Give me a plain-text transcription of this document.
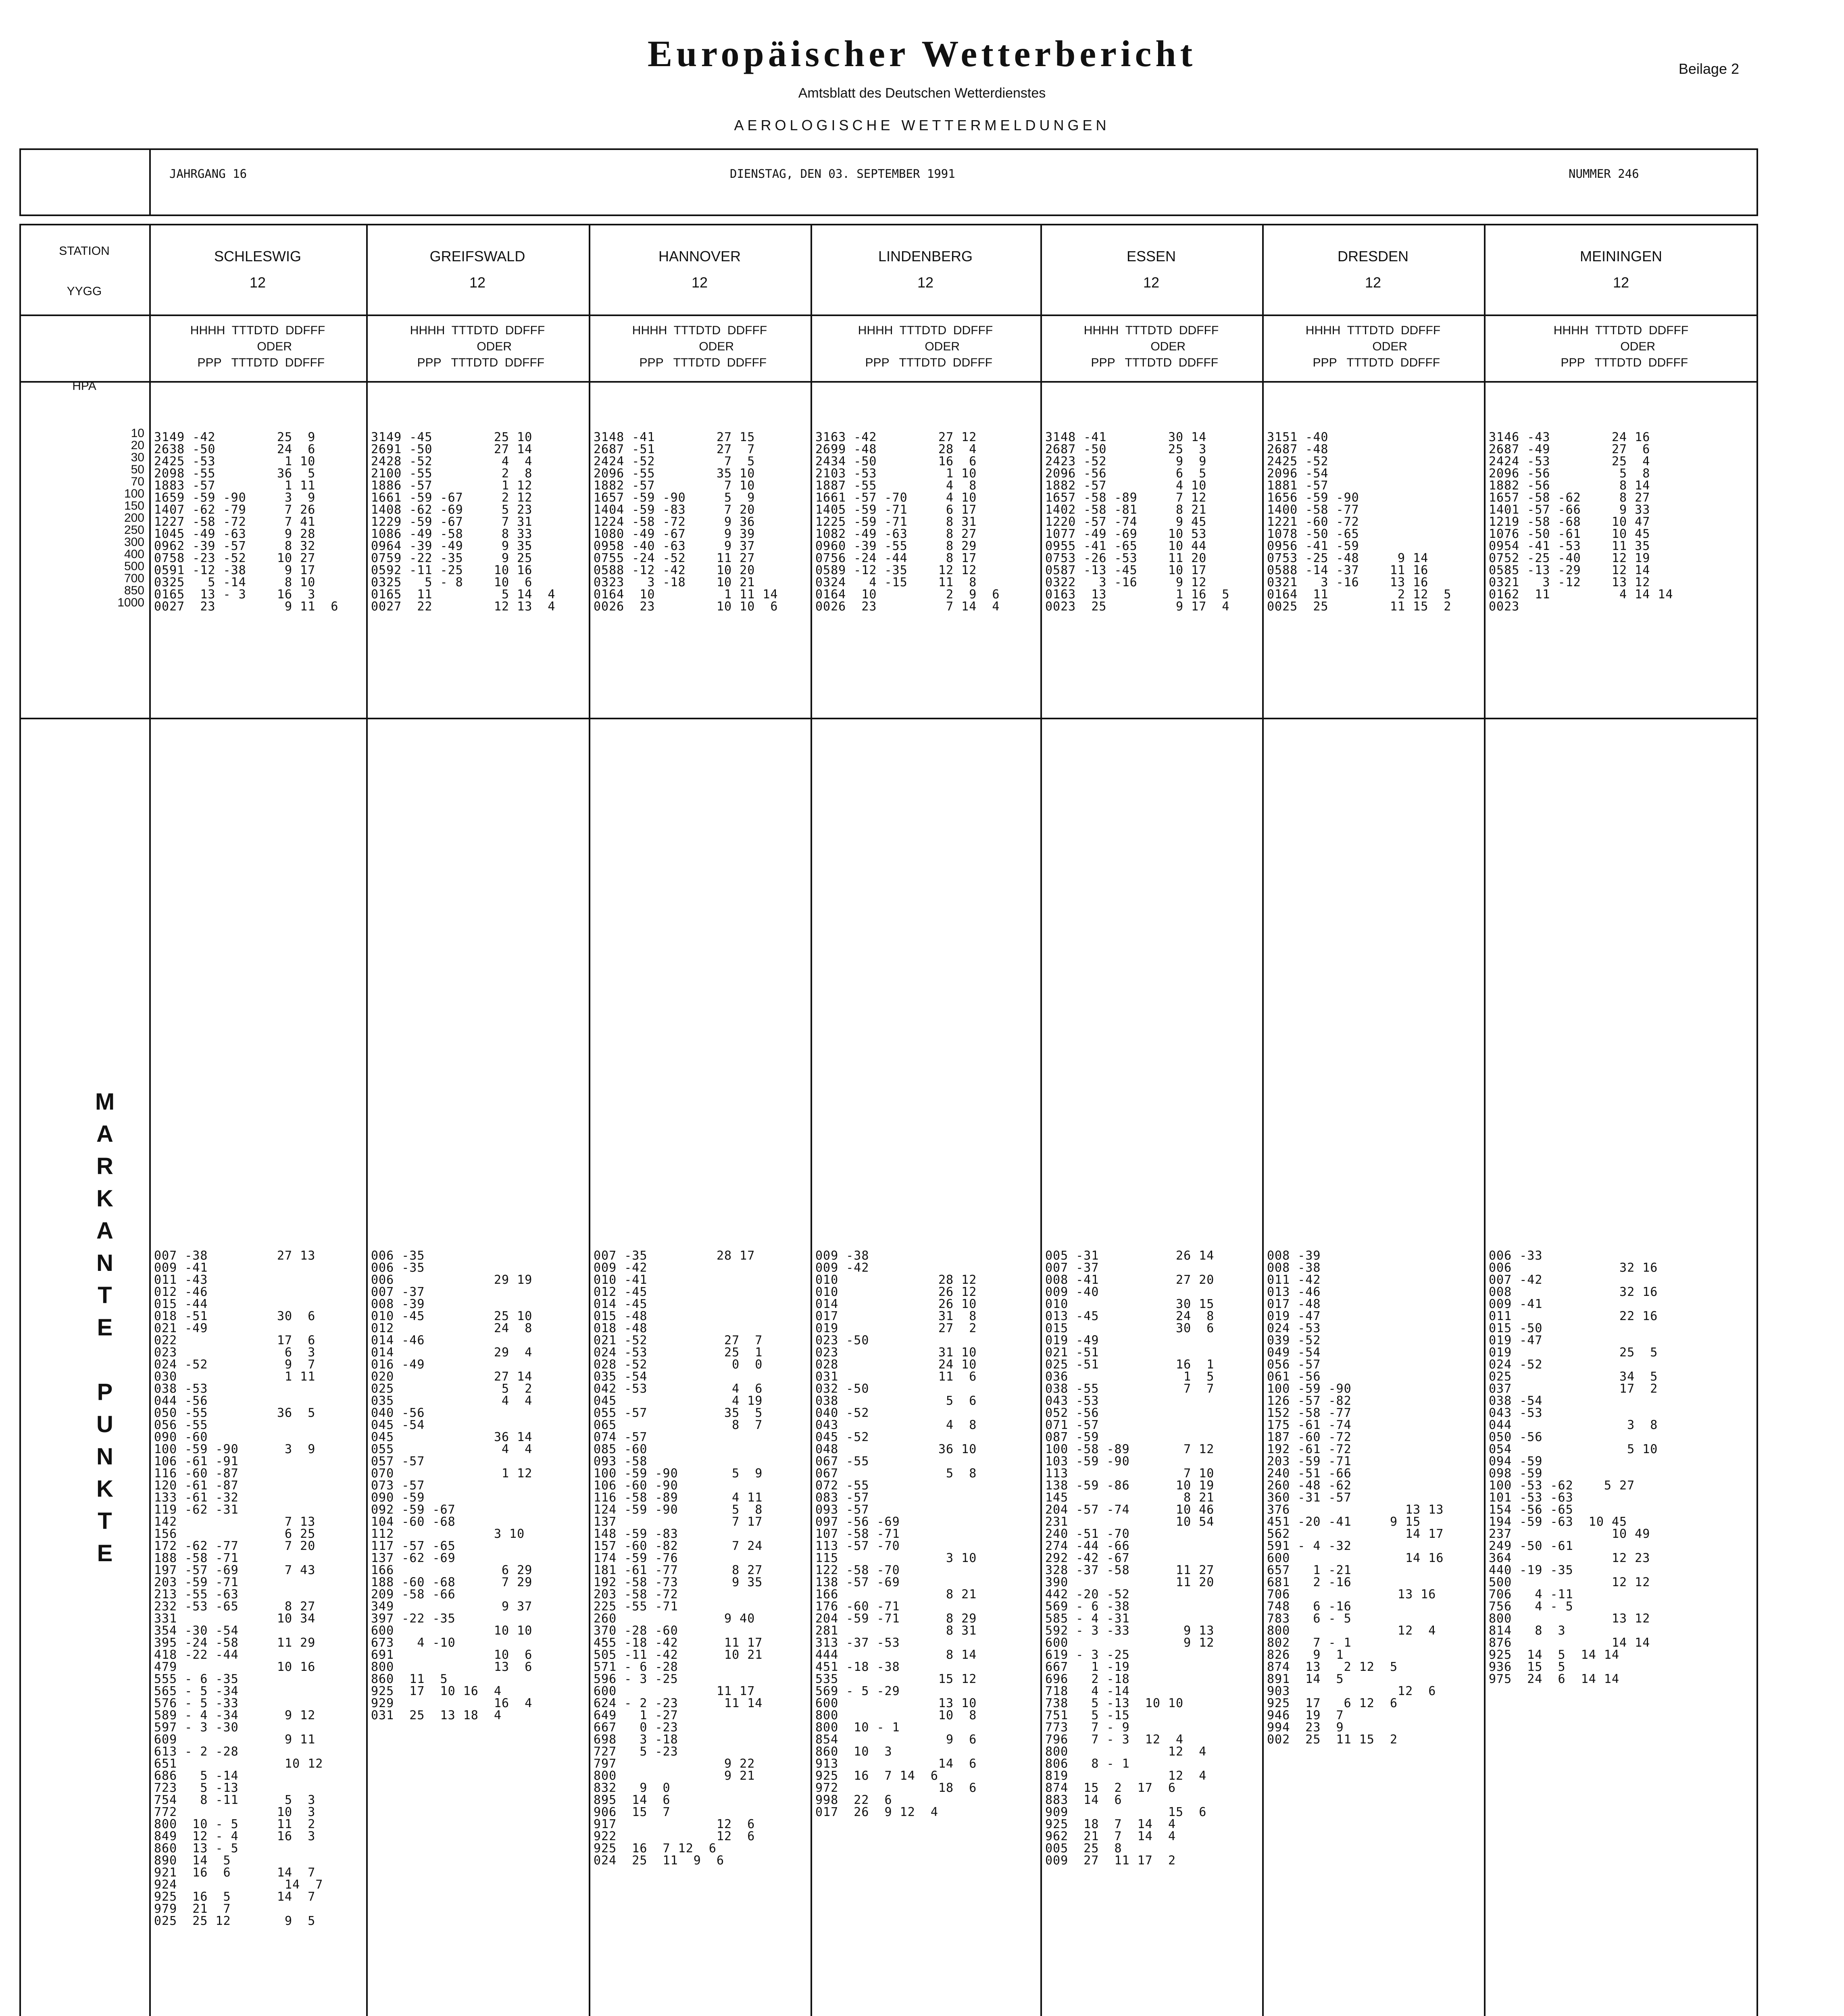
Europäischer Wetterbericht
Amtsblatt des Deutschen Wetterdienstes
AEROLOGISCHE WETTERMELDUNGEN
Beilage 2
JAHRGANG 16	DIENSTAG, DEN 03. SEPTEMBER 1991	NUMMER 246
STATION
YYGG
HPA
10
20
30
50
70
100
150
200
250
300
400
500
700
850
1000
M
A
R
K
A
N
T
E
P
U
N
K
T
E
SCHLESWIG
12
HHHH  TTTDTD  DDFFF
ODER
PPP   TTTDTD  DDFFF
3149 -42        25  9
2638 -50        24  6
2425 -53         1 10
2098 -55        36  5
1883 -57         1 11
1659 -59 -90     3  9
1407 -62 -79     7 26
1227 -58 -72     7 41
1045 -49 -63     9 28
0962 -39 -57     8 32
0758 -23 -52    10 27
0591 -12 -38     9 17
0325   5 -14     8 10
0165  13 - 3    16  3
0027  23         9 11  6
007 -38         27 13
009 -41
011 -43
012 -46
015 -44
018 -51         30  6
021 -49
022             17  6
023              6  3
024 -52          9  7
030              1 11
038 -53
044 -56
050 -55         36  5
056 -55
090 -60
100 -59 -90      3  9
106 -61 -91
116 -60 -87
120 -61 -87
133 -61 -32
119 -62 -31
142              7 13
156              6 25
172 -62 -77      7 20
188 -58 -71
197 -57 -69      7 43
203 -59 -71
213 -55 -63
232 -53 -65      8 27
331             10 34
354 -30 -54
395 -24 -58     11 29
418 -22 -44
479             10 16
555 - 6 -35
565 - 5 -34
576 - 5 -33
589 - 4 -34      9 12
597 - 3 -30
609              9 11
613 - 2 -28
651              10 12
686   5 -14
723   5 -13
754   8 -11      5  3
772             10  3
800  10 - 5     11  2
849  12 - 4     16  3
860  13 - 5
890  14  5
921  16  6      14  7
924              14  7
925  16  5      14  7
979  21  7
025  25 12       9  5
GREIFSWALD
12
HHHH  TTTDTD  DDFFF
ODER
PPP   TTTDTD  DDFFF
3149 -45        25 10
2691 -50        27 14
2428 -52         4  4
2100 -55         2  8
1886 -57         1 12
1661 -59 -67     2 12
1408 -62 -69     5 23
1229 -59 -67     7 31
1086 -49 -58     8 33
0964 -39 -49     9 35
0759 -22 -35     9 25
0592 -11 -25    10 16
0325   5 - 8    10  6
0165  11         5 14  4
0027  22        12 13  4
006 -35
006 -35
006             29 19
007 -37
008 -39
010 -45         25 10
012             24  8
014 -46
014             29  4
016 -49
020             27 14
025              5  2
035              4  4
040 -56
045 -54
045             36 14
055              4  4
057 -57
070              1 12
073 -57
090 -59
092 -59 -67
104 -60 -68
112             3 10
117 -57 -65
137 -62 -69
166              6 29
188 -60 -68      7 29
209 -58 -66
349              9 37
397 -22 -35
600             10 10
673   4 -10
691             10  6
800             13  6
860  11  5
925  17  10 16  4
929             16  4
031  25  13 18  4
HANNOVER
12
HHHH  TTTDTD  DDFFF
ODER
PPP   TTTDTD  DDFFF
3148 -41        27 15
2687 -51        27  7
2424 -52         7  5
2096 -55        35 10
1882 -57         7 10
1657 -59 -90     5  9
1404 -59 -83     7 20
1224 -58 -72     9 36
1080 -49 -67     9 39
0958 -40 -63     9 37
0755 -24 -52    11 27
0588 -12 -42    10 20
0323   3 -18    10 21
0164  10         1 11 14
0026  23        10 10  6
007 -35         28 17
009 -42
010 -41
012 -45
014 -45
015 -48
018 -48
021 -52          27  7
024 -53          25  1
028 -52           0  0
035 -54
042 -53           4  6
045               4 19
055 -57          35  5
065               8  7
074 -57
085 -60
093 -58
100 -59 -90       5  9
106 -60 -90
116 -58 -89       4 11
124 -59 -90       5  8
137               7 17
148 -59 -83
157 -60 -82       7 24
174 -59 -76
181 -61 -77       8 27
192 -58 -73       9 35
203 -58 -72
225 -55 -71
260              9 40
370 -28 -60
455 -18 -42      11 17
505 -11 -42      10 21
571 - 6 -28
596 - 3 -25
600             11 17
624 - 2 -23      11 14
649   1 -27
667   0 -23
698   3 -18
727   5 -23
797              9 22
800              9 21
832   9  0
895  14  6
906  15  7
917             12  6
922             12  6
925  16  7 12  6
024  25  11  9  6
LINDENBERG
12
HHHH  TTTDTD  DDFFF
ODER
PPP   TTTDTD  DDFFF
3163 -42        27 12
2699 -48        28  4
2434 -50        16  6
2103 -53         1 10
1887 -55         4  8
1661 -57 -70     4 10
1405 -59 -71     6 17
1225 -59 -71     8 31
1082 -49 -63     8 27
0960 -39 -55     8 29
0756 -24 -44     8 17
0589 -12 -35    12 12
0324   4 -15    11  8
0164  10         2  9  6
0026  23         7 14  4
009 -38
009 -42
010             28 12
010             26 12
014             26 10
017             31  8
019             27  2
023 -50
023             31 10
028             24 10
031             11  6
032 -50
038              5  6
040 -52
043              4  8
045 -52
048             36 10
067 -55
067              5  8
072 -55
083 -57
093 -57
097 -56 -69
107 -58 -71
113 -57 -70
115              3 10
122 -58 -70
138 -57 -69
166              8 21
176 -60 -71
204 -59 -71      8 29
281              8 31
313 -37 -53
444              8 14
451 -18 -38
535             15 12
569 - 5 -29
600             13 10
800             10  8
800  10 - 1
854              9  6
860  10  3
913             14  6
925  16  7 14  6
972             18  6
998  22  6
017  26  9 12  4
ESSEN
12
HHHH  TTTDTD  DDFFF
ODER
PPP   TTTDTD  DDFFF
3148 -41        30 14
2687 -50        25  3
2423 -52         9  9
2096 -56         6  5
1882 -57         4 10
1657 -58 -89     7 12
1402 -58 -81     8 21
1220 -57 -74     9 45
1077 -49 -69    10 53
0955 -41 -65    10 44
0753 -26 -53    11 20
0587 -13 -45    10 17
0322   3 -16     9 12
0163  13         1 16  5
0023  25         9 17  4
005 -31          26 14
007 -37
008 -41          27 20
009 -40
010              30 15
013 -45          24  8
015              30  6
019 -49
021 -51
025 -51          16  1
036               1  5
038 -55           7  7
043 -53
052 -56
071 -57
087 -59
100 -58 -89       7 12
103 -59 -90
113               7 10
138 -59 -86      10 19
145               8 21
204 -57 -74      10 46
231              10 54
240 -51 -70
274 -44 -66
292 -42 -67
328 -37 -58      11 27
390              11 20
442 -20 -52
569 - 6 -38
585 - 4 -31
592 - 3 -33       9 13
600               9 12
619 - 3 -25
667   1 -19
696   2 -18
718   4 -14
738   5 -13  10 10
751   5 -15
773   7 - 9
796   7 - 3  12  4
800             12  4
806   8 - 1
819             12  4
874  15  2  17  6
883  14  6
909             15  6
925  18  7  14  4
962  21  7  14  4
005  25  8
009  27  11 17  2
DRESDEN
12
HHHH  TTTDTD  DDFFF
ODER
PPP   TTTDTD  DDFFF
3151 -40
2687 -48
2425 -52
2096 -54
1881 -57
1656 -59 -90
1400 -58 -77
1221 -60 -72
1078 -50 -65
0956 -41 -59
0753 -25 -48     9 14
0588 -14 -37    11 16
0321   3 -16    13 16
0164  11         2 12  5
0025  25        11 15  2
008 -39
008 -38
011 -42
013 -46
017 -48
019 -47
024 -53
039 -52
049 -54
056 -57
061 -56
100 -59 -90
126 -57 -82
152 -58 -77
175 -61 -74
187 -60 -72
192 -61 -72
203 -59 -71
240 -51 -66
260 -48 -62
360 -31 -57
376               13 13
451 -20 -41     9 15
562               14 17
591 - 4 -32
600               14 16
657   1 -21
681   2 -16
706              13 16
748   6 -16
783   6 - 5
800              12  4
802   7 - 1
826   9  1
874  13   2 12  5
891  14  5
903              12  6
925  17   6 12  6
946  19  7
994  23  9
002  25  11 15  2
MEININGEN
12
HHHH  TTTDTD  DDFFF
ODER
PPP   TTTDTD  DDFFF
3146 -43        24 16
2687 -49        27  6
2424 -53        25  4
2096 -56         5  8
1882 -56         8 14
1657 -58 -62     8 27
1401 -57 -66     9 33
1219 -58 -68    10 47
1076 -50 -61    10 45
0954 -41 -53    11 35
0752 -25 -40    12 19
0585 -13 -29    12 14
0321   3 -12    13 12
0162  11         4 14 14
0023
006 -33
006              32 16
007 -42
008              32 16
009 -41
011              22 16
015 -50
019 -47
019              25  5
024 -52
025              34  5
037              17  2
038 -54
043 -53
044               3  8
050 -56
054               5 10
094 -59
098 -59
100 -53 -62    5 27
101 -53 -63
154 -56 -65
194 -59 -63  10 45
237             10 49
249 -50 -61
364             12 23
440 -19 -35
500             12 12
706   4 -11
756   4 - 5
800             13 12
814   8  3
876             14 14
925  14  5  14 14
936  15  5
975  24  6  14 14
